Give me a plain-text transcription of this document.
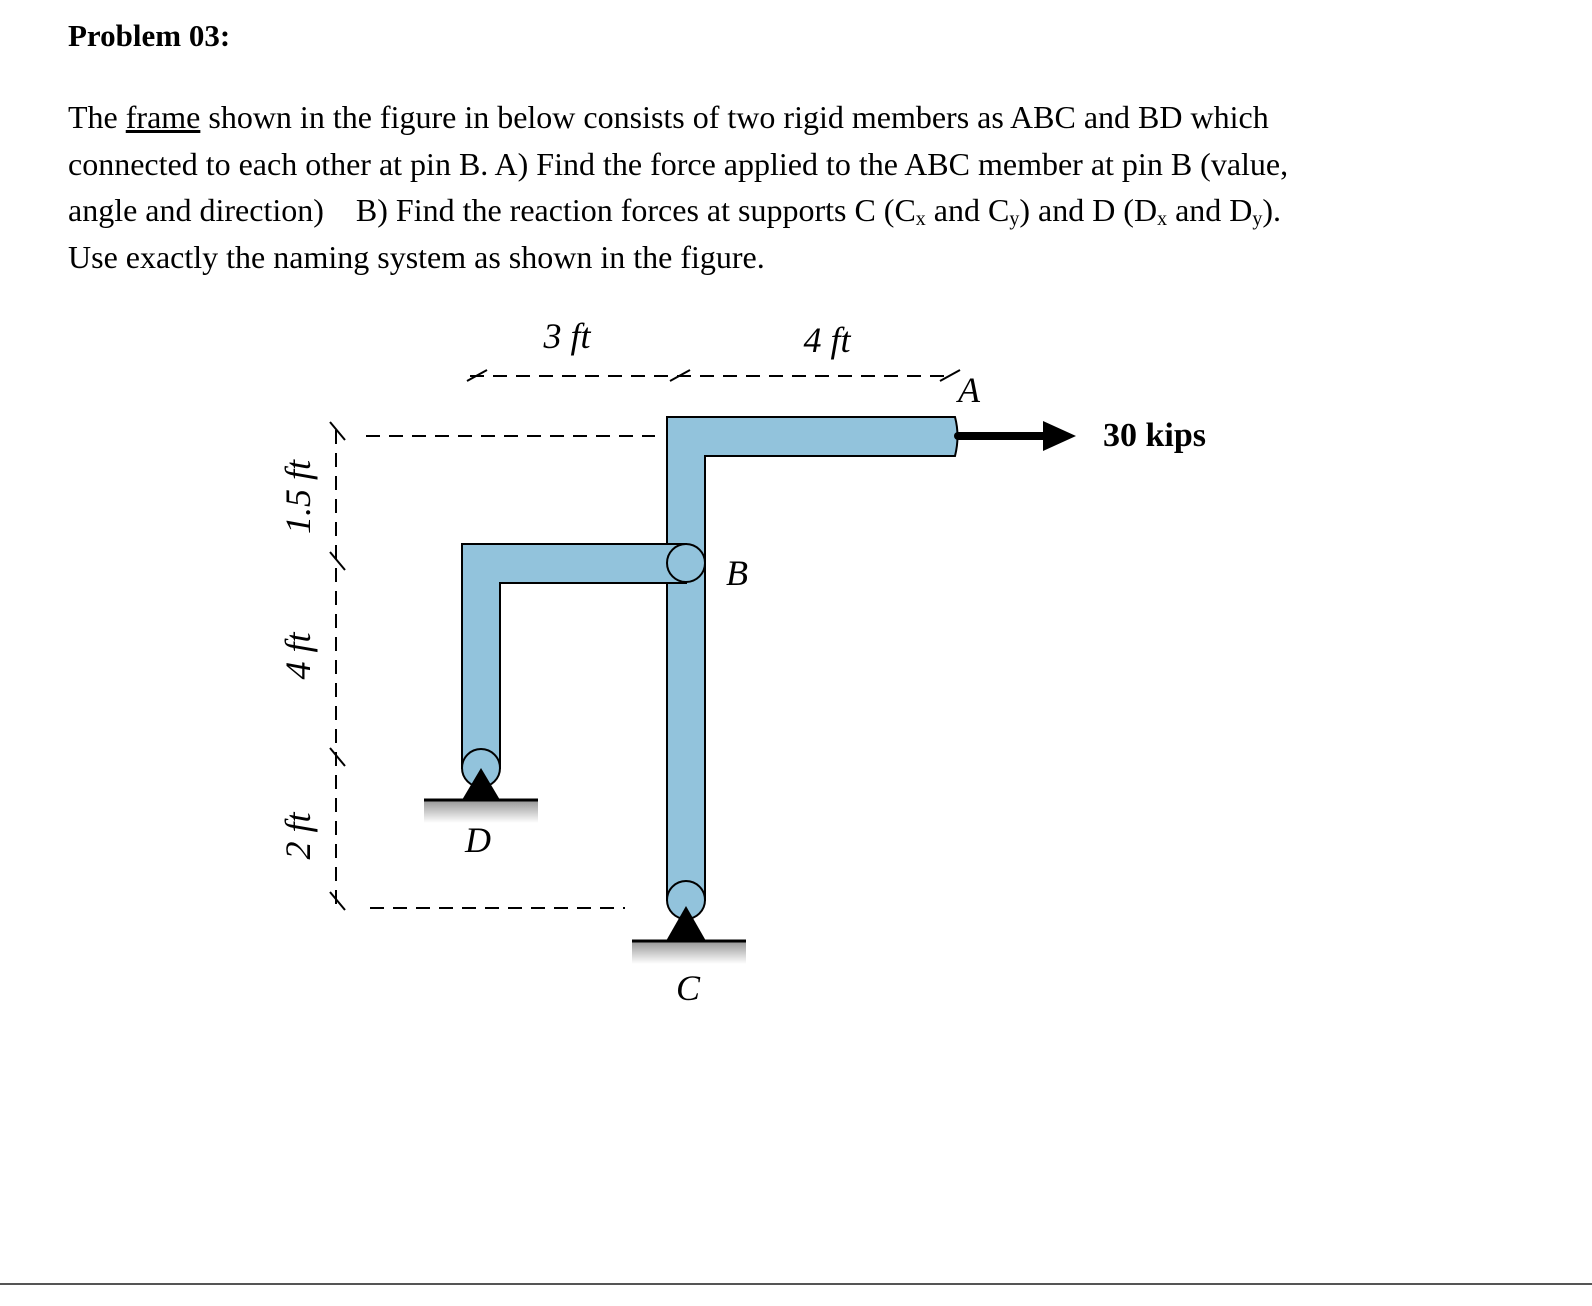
Problem 03:
The frame shown in the figure in below consists of two rigid members as ABC and BD which
connected to each other at pin B. A) Find the force applied to the ABC member at pin B (value,
angle and direction)    B) Find the reaction forces at supports C ($C_x$ and $C_y$) and D ($D_x$ and $D_y$).
Use exactly the naming system as shown in the figure.
3 ft	4 ft
1.5 ft
4 ft
2 ft
30 kips
A
B
C
D
